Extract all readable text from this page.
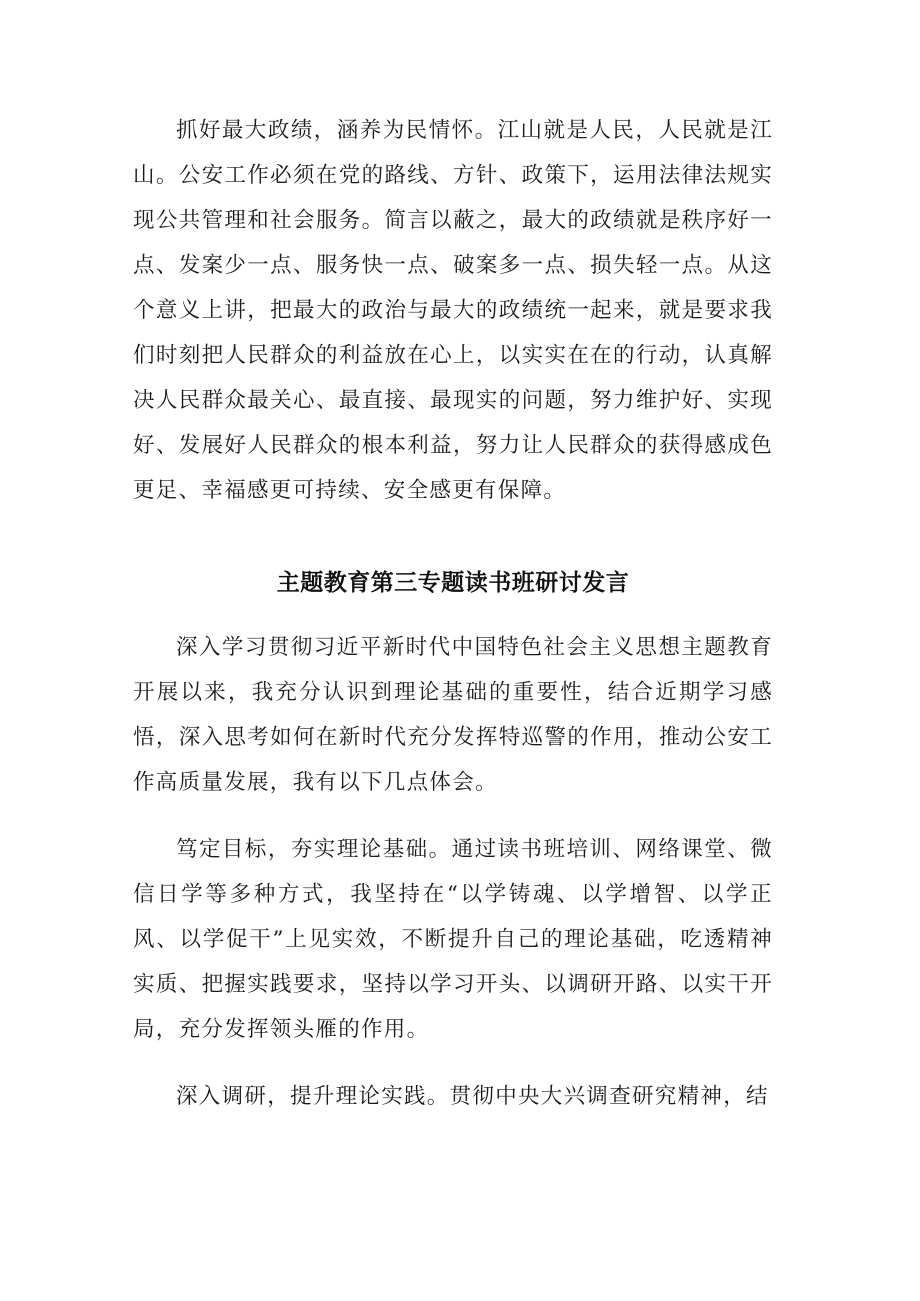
抓好最大政绩，涵养为民情怀。江山就是人民，人民就是江山。公安工作必须在党的路线、方针、政策下，运用法律法规实现公共管理和社会服务。简言以蔽之，最大的政绩就是秩序好一点、发案少一点、服务快一点、破案多一点、损失轻一点。从这个意义上讲，把最大的政治与最大的政绩统一起来，就是要求我们时刻把人民群众的利益放在心上，以实实在在的行动，认真解决人民群众最关心、最直接、最现实的问题，努力维护好、实现好、发展好人民群众的根本利益，努力让人民群众的获得感成色更足、幸福感更可持续、安全感更有保障。

主题教育第三专题读书班研讨发言

深入学习贯彻习近平新时代中国特色社会主义思想主题教育开展以来，我充分认识到理论基础的重要性，结合近期学习感悟，深入思考如何在新时代充分发挥特巡警的作用，推动公安工作高质量发展，我有以下几点体会。

笃定目标，夯实理论基础。通过读书班培训、网络课堂、微信日学等多种方式，我坚持在“以学铸魂、以学增智、以学正风、以学促干”上见实效，不断提升自己的理论基础，吃透精神实质、把握实践要求，坚持以学习开头、以调研开路、以实干开局，充分发挥领头雁的作用。

深入调研，提升理论实践。贯彻中央大兴调查研究精神，结
